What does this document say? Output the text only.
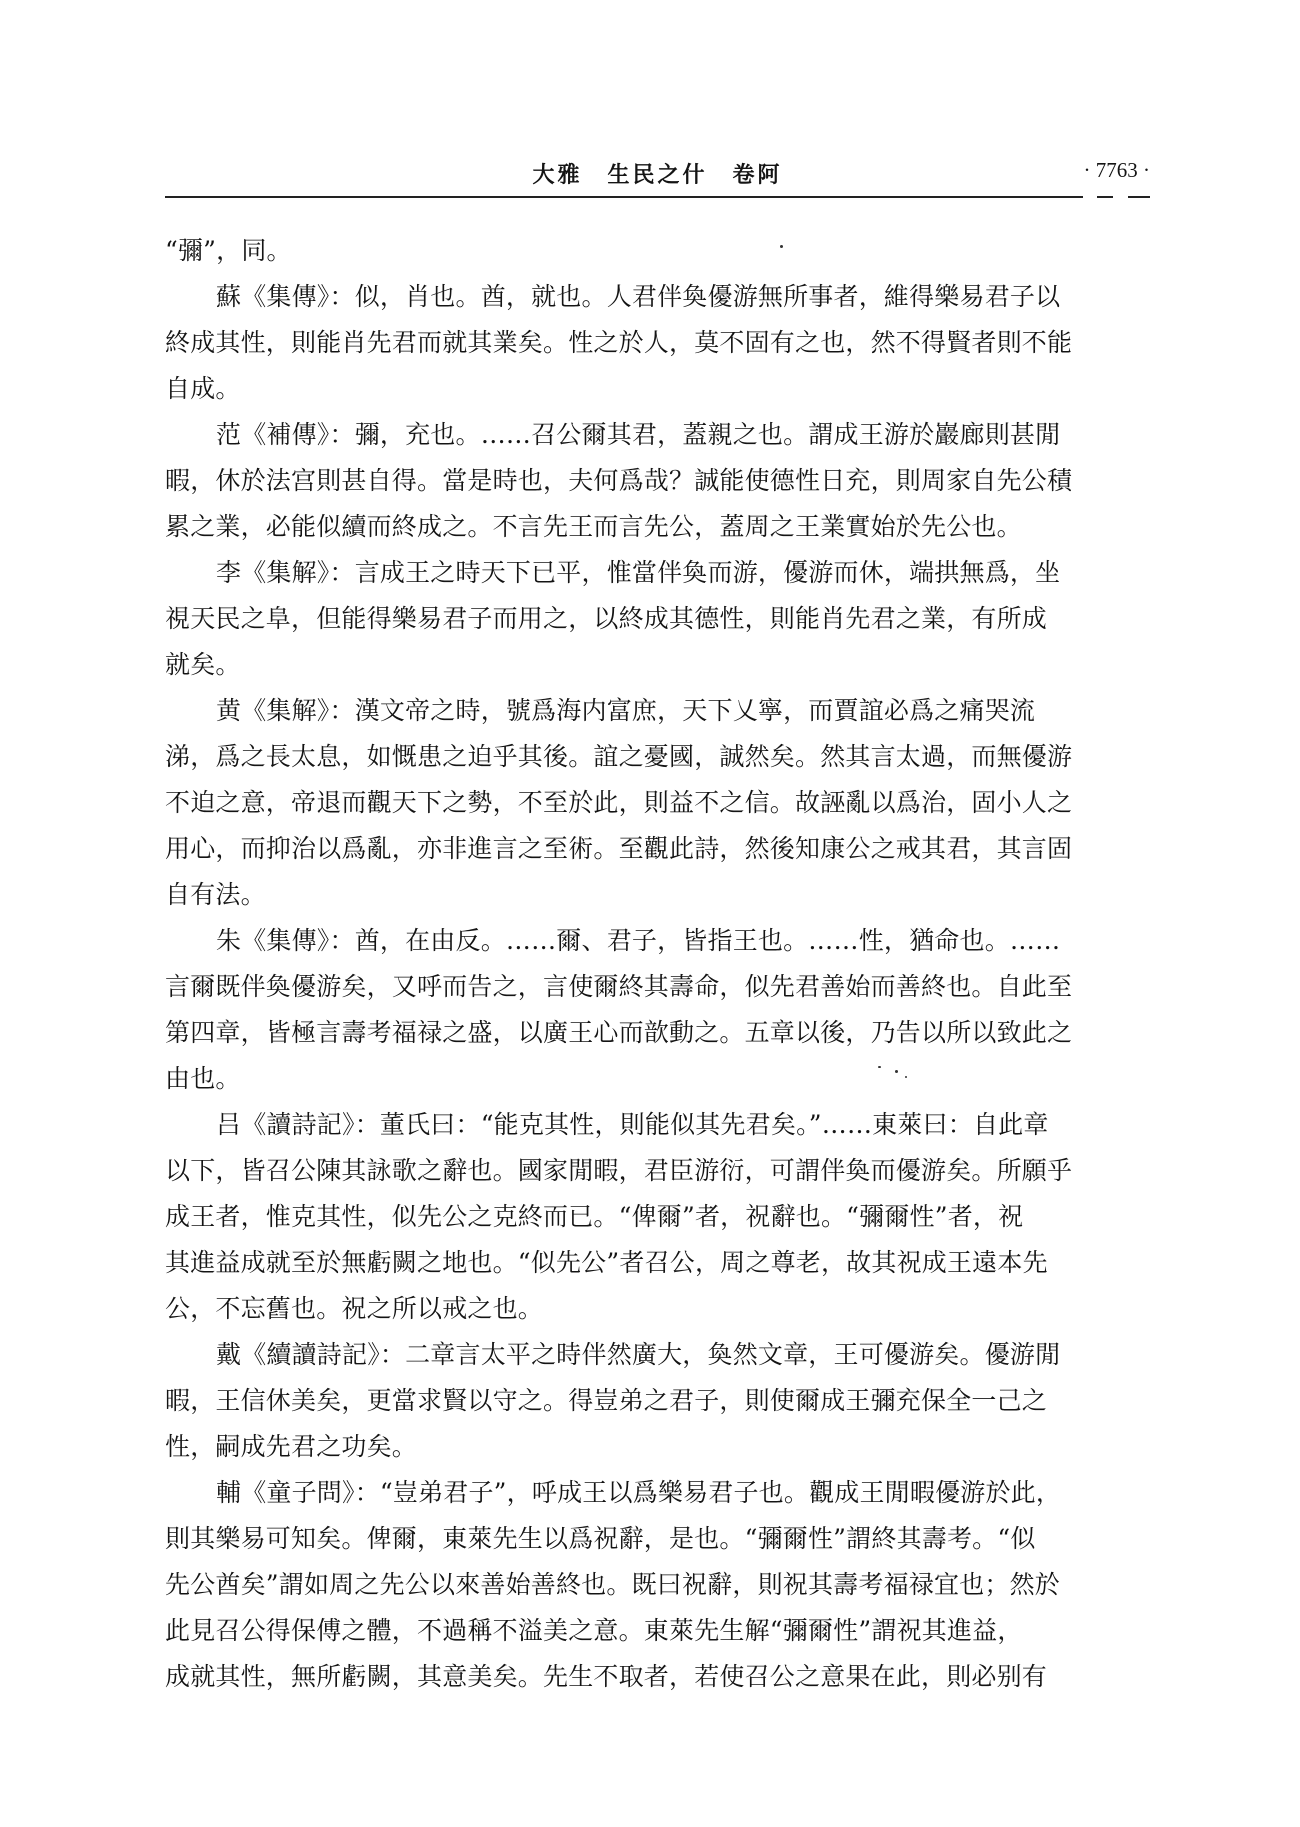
大雅　生民之什　卷阿	· 7763 ·
“彌”，同。
蘇《集傳》：似，肖也。酋，就也。人君伴奐優游無所事者，維得樂易君子以
終成其性，則能肖先君而就其業矣。性之於人，莫不固有之也，然不得賢者則不能
自成。
范《補傳》：彌，充也。……召公爾其君，蓋親之也。謂成王游於巖廊則甚閒
暇，休於法宫則甚自得。當是時也，夫何爲哉？誠能使德性日充，則周家自先公積
累之業，必能似續而終成之。不言先王而言先公，蓋周之王業實始於先公也。
李《集解》：言成王之時天下已平，惟當伴奐而游，優游而休，端拱無爲，坐
視天民之阜，但能得樂易君子而用之，以終成其德性，則能肖先君之業，有所成
就矣。
黄《集解》：漢文帝之時，號爲海内富庶，天下乂寧，而賈誼必爲之痛哭流
涕，爲之長太息，如慨患之迫乎其後。誼之憂國，誠然矣。然其言太過，而無優游
不迫之意，帝退而觀天下之勢，不至於此，則益不之信。故誣亂以爲治，固小人之
用心，而抑治以爲亂，亦非進言之至術。至觀此詩，然後知康公之戒其君，其言固
自有法。
朱《集傳》：酋，在由反。……爾、君子，皆指王也。……性，猶命也。……
言爾既伴奐優游矣，又呼而告之，言使爾終其壽命，似先君善始而善終也。自此至
第四章，皆極言壽考福禄之盛，以廣王心而歆動之。五章以後，乃告以所以致此之
由也。
吕《讀詩記》：董氏曰：“能克其性，則能似其先君矣。”……東萊曰：自此章
以下，皆召公陳其詠歌之辭也。國家閒暇，君臣游衍，可謂伴奐而優游矣。所願乎
成王者，惟克其性，似先公之克終而已。“俾爾”者，祝辭也。“彌爾性”者，祝
其進益成就至於無虧闕之地也。“似先公”者召公，周之尊老，故其祝成王遠本先
公，不忘舊也。祝之所以戒之也。
戴《續讀詩記》：二章言太平之時伴然廣大，奐然文章，王可優游矣。優游閒
暇，王信休美矣，更當求賢以守之。得豈弟之君子，則使爾成王彌充保全一己之
性，嗣成先君之功矣。
輔《童子問》：“豈弟君子”，呼成王以爲樂易君子也。觀成王閒暇優游於此，
則其樂易可知矣。俾爾，東萊先生以爲祝辭，是也。“彌爾性”謂終其壽考。“似
先公酋矣”謂如周之先公以來善始善終也。既曰祝辭，則祝其壽考福禄宜也；然於
此見召公得保傅之體，不過稱不溢美之意。東萊先生解“彌爾性”謂祝其進益，
成就其性，無所虧闕，其意美矣。先生不取者，若使召公之意果在此，則必别有
